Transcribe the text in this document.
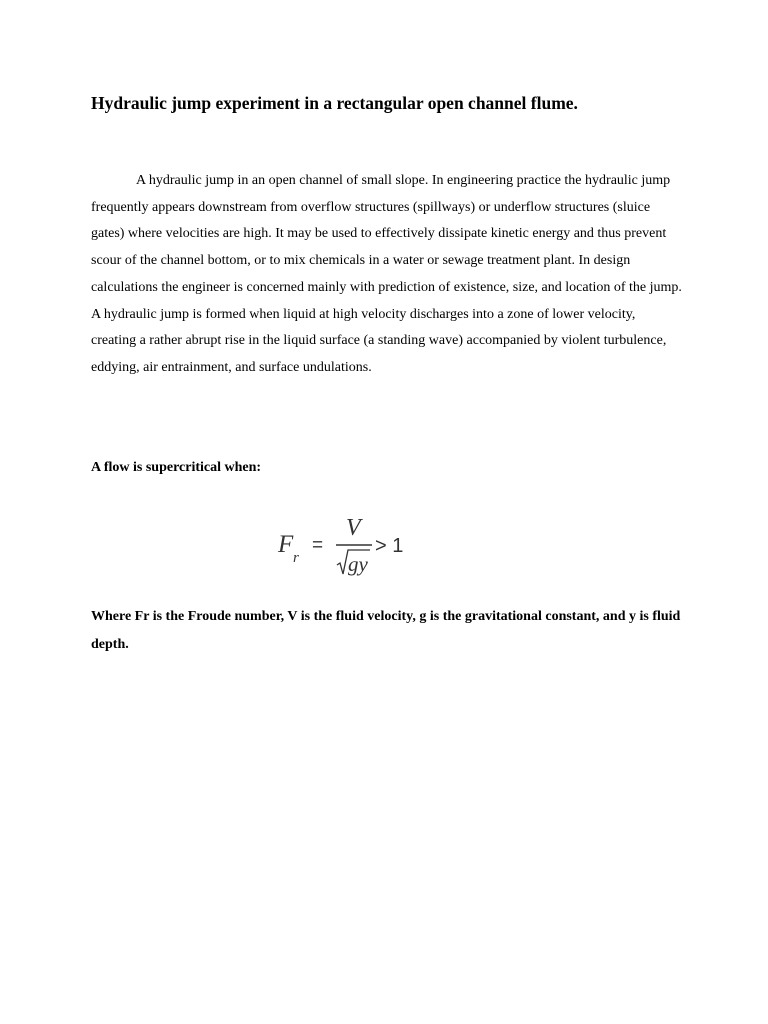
Hydraulic jump experiment in a rectangular open channel flume.

A hydraulic jump in an open channel of small slope. In engineering practice the hydraulic jump frequently appears downstream from overflow structures (spillways) or underflow structures (sluice gates) where velocities are high. It may be used to effectively dissipate kinetic energy and thus prevent scour of the channel bottom, or to mix chemicals in a water or sewage treatment plant. In design calculations the engineer is concerned mainly with prediction of existence, size, and location of the jump. A hydraulic jump is formed when liquid at high velocity discharges into a zone of lower velocity, creating a rather abrupt rise in the liquid surface (a standing wave) accompanied by violent turbulence, eddying, air entrainment, and surface undulations.

A flow is supercritical when:

F r
=
V
gy
> 1

Where Fr is the Froude number, V is the fluid velocity, g is the gravitational constant, and y is fluid depth.
